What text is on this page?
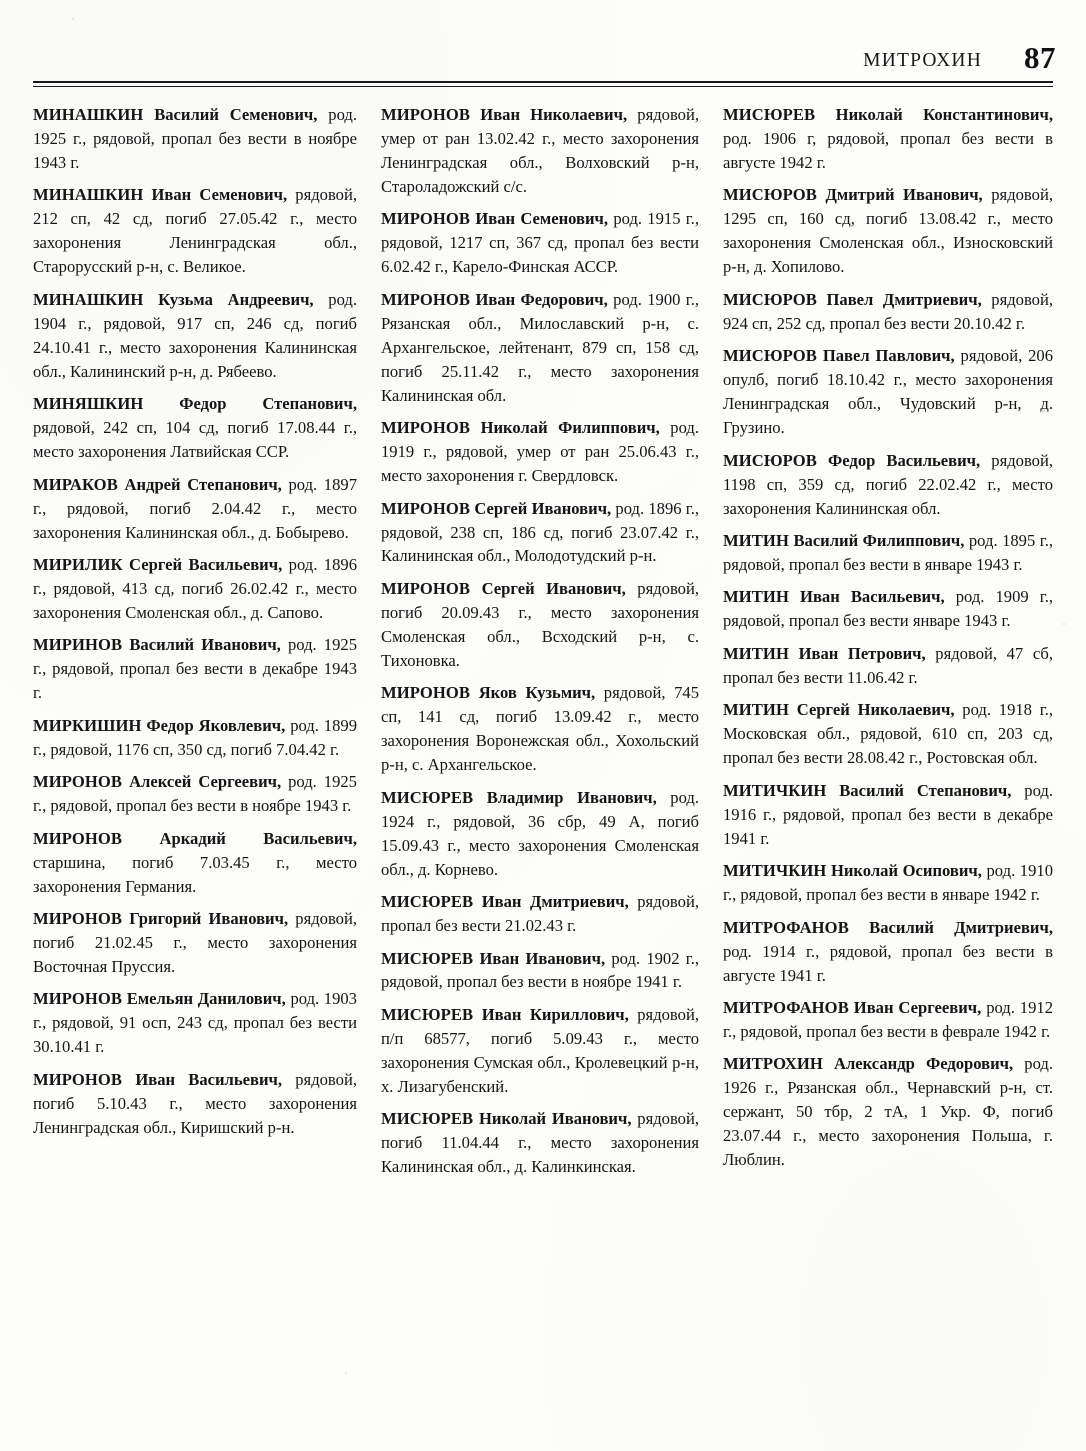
МИТРОХИН 87

МИНАШКИН Василий Семенович, род. 1925 г., рядовой, пропал без вести в ноябре 1943 г.

МИНАШКИН Иван Семенович, рядовой, 212 сп, 42 сд, погиб 27.05.42 г., место захоронения Ленинградская обл., Старорусский р-н, с. Великое.

МИНАШКИН Кузьма Андреевич, род. 1904 г., рядовой, 917 сп, 246 сд, погиб 24.10.41 г., место захоронения Калининская обл., Калининский р-н, д. Рябеево.

МИНЯШКИН Федор Степанович, рядовой, 242 сп, 104 сд, погиб 17.08.44 г., место захоронения Латвийская ССР.

МИРАКОВ Андрей Степанович, род. 1897 г., рядовой, погиб 2.04.42 г., место захоронения Калининская обл., д. Бобырево.

МИРИЛИК Сергей Васильевич, род. 1896 г., рядовой, 413 сд, погиб 26.02.42 г., место захоронения Смоленская обл., д. Сапово.

МИРИНОВ Василий Иванович, род. 1925 г., рядовой, пропал без вести в декабре 1943 г.

МИРКИШИН Федор Яковлевич, род. 1899 г., рядовой, 1176 сп, 350 сд, погиб 7.04.42 г.

МИРОНОВ Алексей Сергеевич, род. 1925 г., рядовой, пропал без вести в ноябре 1943 г.

МИРОНОВ Аркадий Васильевич, старшина, погиб 7.03.45 г., место захоронения Германия.

МИРОНОВ Григорий Иванович, рядовой, погиб 21.02.45 г., место захоронения Восточная Пруссия.

МИРОНОВ Емельян Данилович, род. 1903 г., рядовой, 91 осп, 243 сд, пропал без вести 30.10.41 г.

МИРОНОВ Иван Васильевич, рядовой, погиб 5.10.43 г., место захоронения Ленинградская обл., Киришский р-н.

МИРОНОВ Иван Николаевич, рядовой, умер от ран 13.02.42 г., место захоронения Ленинградская обл., Волховский р-н, Староладожский с/с.

МИРОНОВ Иван Семенович, род. 1915 г., рядовой, 1217 сп, 367 сд, пропал без вести 6.02.42 г., Карело-Финская АССР.

МИРОНОВ Иван Федорович, род. 1900 г., Рязанская обл., Милославский р-н, с. Архангельское, лейтенант, 879 сп, 158 сд, погиб 25.11.42 г., место захоронения Калининская обл.

МИРОНОВ Николай Филиппович, род. 1919 г., рядовой, умер от ран 25.06.43 г., место захоронения г. Свердловск.

МИРОНОВ Сергей Иванович, род. 1896 г., рядовой, 238 сп, 186 сд, погиб 23.07.42 г., Калининская обл., Молодотудский р-н.

МИРОНОВ Сергей Иванович, рядовой, погиб 20.09.43 г., место захоронения Смоленская обл., Всходский р-н, с. Тихоновка.

МИРОНОВ Яков Кузьмич, рядовой, 745 сп, 141 сд, погиб 13.09.42 г., место захоронения Воронежская обл., Хохольский р-н, с. Архангельское.

МИСЮРЕВ Владимир Иванович, род. 1924 г., рядовой, 36 сбр, 49 А, погиб 15.09.43 г., место захоронения Смоленская обл., д. Корнево.

МИСЮРЕВ Иван Дмитриевич, рядовой, пропал без вести 21.02.43 г.

МИСЮРЕВ Иван Иванович, род. 1902 г., рядовой, пропал без вести в ноябре 1941 г.

МИСЮРЕВ Иван Кириллович, рядовой, п/п 68577, погиб 5.09.43 г., место захоронения Сумская обл., Кролевецкий р-н, х. Лизагубенский.

МИСЮРЕВ Николай Иванович, рядовой, погиб 11.04.44 г., место захоронения Калининская обл., д. Калинкинская.

МИСЮРЕВ Николай Константинович, род. 1906 г, рядовой, пропал без вести в августе 1942 г.

МИСЮРОВ Дмитрий Иванович, рядовой, 1295 сп, 160 сд, погиб 13.08.42 г., место захоронения Смоленская обл., Износковский р-н, д. Хопилово.

МИСЮРОВ Павел Дмитриевич, рядовой, 924 сп, 252 сд, пропал без вести 20.10.42 г.

МИСЮРОВ Павел Павлович, рядовой, 206 опулб, погиб 18.10.42 г., место захоронения Ленинградская обл., Чудовский р-н, д. Грузино.

МИСЮРОВ Федор Васильевич, рядовой, 1198 сп, 359 сд, погиб 22.02.42 г., место захоронения Калининская обл.

МИТИН Василий Филиппович, род. 1895 г., рядовой, пропал без вести в январе 1943 г.

МИТИН Иван Васильевич, род. 1909 г., рядовой, пропал без вести январе 1943 г.

МИТИН Иван Петрович, рядовой, 47 сб, пропал без вести 11.06.42 г.

МИТИН Сергей Николаевич, род. 1918 г., Московская обл., рядовой, 610 сп, 203 сд, пропал без вести 28.08.42 г., Ростовская обл.

МИТИЧКИН Василий Степанович, род. 1916 г., рядовой, пропал без вести в декабре 1941 г.

МИТИЧКИН Николай Осипович, род. 1910 г., рядовой, пропал без вести в январе 1942 г.

МИТРОФАНОВ Василий Дмитриевич, род. 1914 г., рядовой, пропал без вести в августе 1941 г.

МИТРОФАНОВ Иван Сергеевич, род. 1912 г., рядовой, пропал без вести в феврале 1942 г.

МИТРОХИН Александр Федорович, род. 1926 г., Рязанская обл., Чернавский р-н, ст. сержант, 50 тбр, 2 тА, 1 Укр. Ф, погиб 23.07.44 г., место захоронения Польша, г. Люблин.
